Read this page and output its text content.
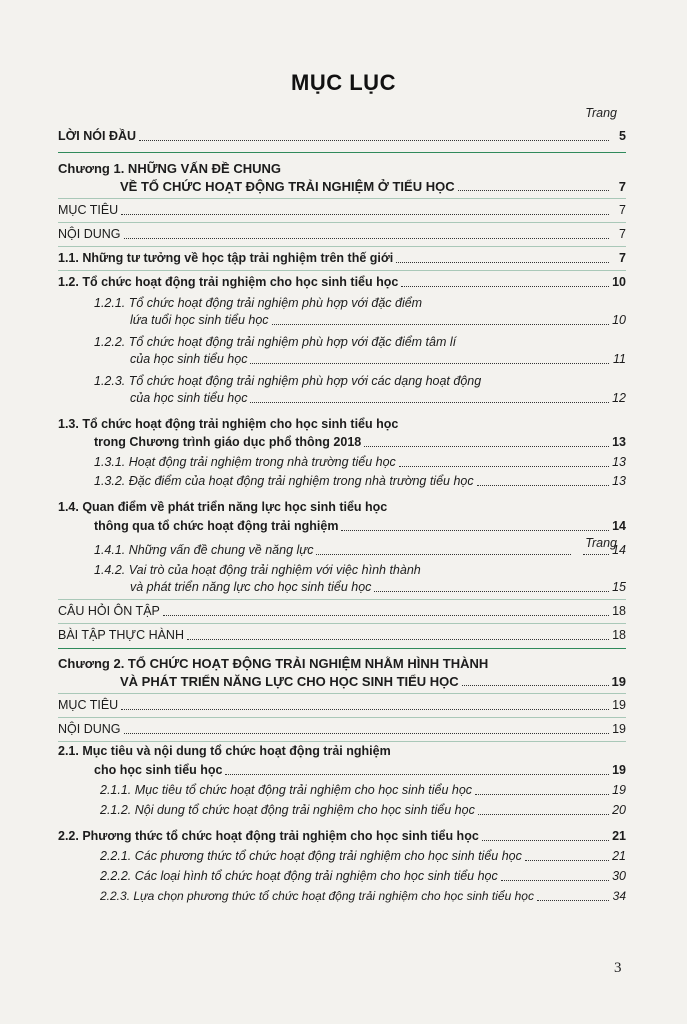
MỤC LỤC
Trang
LỜI NÓI ĐẦU	5
Chương 1. NHỮNG VẤN ĐỀ CHUNG
VỀ TỔ CHỨC HOẠT ĐỘNG TRẢI NGHIỆM Ở TIỂU HỌC	7
MỤC TIÊU	7
NỘI DUNG	7
1.1. Những tư tưởng về học tập trải nghiệm trên thế giới	7
1.2. Tổ chức hoạt động trải nghiệm cho học sinh tiểu học	10
1.2.1. Tổ chức hoạt động trải nghiệm phù hợp với đặc điểm
lứa tuổi học sinh tiểu học	10
1.2.2. Tổ chức hoạt động trải nghiệm phù hợp với đặc điểm tâm lí
của học sinh tiểu học	11
1.2.3. Tổ chức hoạt động trải nghiệm phù hợp với các dạng hoạt động
của học sinh tiểu học	12
1.3. Tổ chức hoạt động trải nghiệm cho học sinh tiểu học
trong Chương trình giáo dục phổ thông 2018	13
1.3.1. Hoạt động trải nghiệm trong nhà trường tiểu học	13
1.3.2. Đặc điểm của hoạt động trải nghiệm trong nhà trường tiểu học	13
1.4. Quan điểm về phát triển năng lực học sinh tiểu học
thông qua tổ chức hoạt động trải nghiệm	14
Trang
1.4.1. Những vấn đề chung về năng lực	14
1.4.2. Vai trò của hoạt động trải nghiệm với việc hình thành
và phát triển năng lực cho học sinh tiểu học	15
CÂU HỎI ÔN TẬP	18
BÀI TẬP THỰC HÀNH	18
Chương 2. TỔ CHỨC HOẠT ĐỘNG TRẢI NGHIỆM NHẰM HÌNH THÀNH
VÀ PHÁT TRIỂN NĂNG LỰC CHO HỌC SINH TIỂU HỌC	19
MỤC TIÊU	19
NỘI DUNG	19
2.1. Mục tiêu và nội dung tổ chức hoạt động trải nghiệm
cho học sinh tiểu học	19
2.1.1. Mục tiêu tổ chức hoạt động trải nghiệm cho học sinh tiểu học	19
2.1.2. Nội dung tổ chức hoạt động trải nghiệm cho học sinh tiểu học	20
2.2. Phương thức tổ chức hoạt động trải nghiệm cho học sinh tiểu học	21
2.2.1. Các phương thức tổ chức hoạt động trải nghiệm cho học sinh tiểu học	21
2.2.2. Các loại hình tổ chức hoạt động trải nghiệm cho học sinh tiểu học	30
2.2.3. Lựa chọn phương thức tổ chức hoạt động trải nghiệm cho học sinh tiểu học	34
3
